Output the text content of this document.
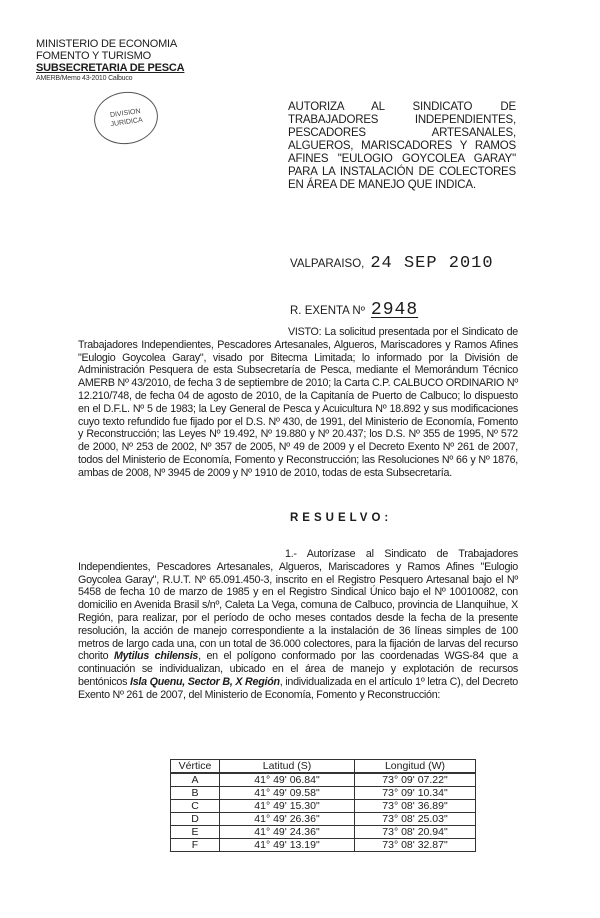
MINISTERIO DE ECONOMIA
FOMENTO Y TURISMO
SUBSECRETARIA DE PESCA
AMERB/Memo 43-2010 Calbuco
DIVISION
JURIDICA
AUTORIZA AL SINDICATO DE TRABAJADORES INDEPENDIENTES, PESCADORES ARTESANALES, ALGUEROS, MARISCADORES Y RAMOS AFINES "EULOGIO GOYCOLEA GARAY" PARA LA INSTALACIÓN DE COLECTORES EN ÁREA DE MANEJO QUE INDICA.
VALPARAISO, 24 SEP 2010
R. EXENTA Nº 2948
VISTO: La solicitud presentada por el Sindicato de Trabajadores Independientes, Pescadores Artesanales, Algueros, Mariscadores y Ramos Afines "Eulogio Goycolea Garay", visado por Bitecma Limitada; lo informado por la División de Administración Pesquera de esta Subsecretaría de Pesca, mediante el Memorándum Técnico AMERB Nº 43/2010, de fecha 3 de septiembre de 2010; la Carta C.P. CALBUCO ORDINARIO Nº 12.210/748, de fecha 04 de agosto de 2010, de la Capitanía de Puerto de Calbuco; lo dispuesto en el D.F.L. Nº 5 de 1983; la Ley General de Pesca y Acuicultura Nº 18.892 y sus modificaciones cuyo texto refundido fue fijado por el D.S. Nº 430, de 1991, del Ministerio de Economía, Fomento y Reconstrucción; las Leyes Nº 19.492, Nº 19.880 y Nº 20.437; los D.S. Nº 355 de 1995, Nº 572 de 2000, Nº 253 de 2002, Nº 357 de 2005, Nº 49 de 2009 y el Decreto Exento Nº 261 de 2007, todos del Ministerio de Economía, Fomento y Reconstrucción; las Resoluciones Nº 66 y Nº 1876, ambas de 2008, Nº 3945 de 2009 y Nº 1910 de 2010, todas de esta Subsecretaría.
RESUELVO:
1.- Autorízase al Sindicato de Trabajadores Independientes, Pescadores Artesanales, Algueros, Mariscadores y Ramos Afines "Eulogio Goycolea Garay", R.U.T. Nº 65.091.450-3, inscrito en el Registro Pesquero Artesanal bajo el Nº 5458 de fecha 10 de marzo de 1985 y en el Registro Sindical Único bajo el Nº 10010082, con domicilio en Avenida Brasil s/nº, Caleta La Vega, comuna de Calbuco, provincia de Llanquihue, X Región, para realizar, por el período de ocho meses contados desde la fecha de la presente resolución, la acción de manejo correspondiente a la instalación de 36 líneas simples de 100 metros de largo cada una, con un total de 36.000 colectores, para la fijación de larvas del recurso chorito Mytilus chilensis, en el polígono conformado por las coordenadas WGS-84 que a continuación se individualizan, ubicado en el área de manejo y explotación de recursos bentónicos Isla Quenu, Sector B, X Región, individualizada en el artículo 1º letra C), del Decreto Exento Nº 261 de 2007, del Ministerio de Economía, Fomento y Reconstrucción:
Vértice	Latitud (S)	Longitud (W)
A	41° 49' 06.84"	73° 09' 07.22"
B	41° 49' 09.58"	73° 09' 10.34"
C	41° 49' 15.30"	73° 08' 36.89"
D	41° 49' 26.36"	73° 08' 25.03"
E	41° 49' 24.36"	73° 08' 20.94"
F	41° 49' 13.19"	73° 08' 32.87"
